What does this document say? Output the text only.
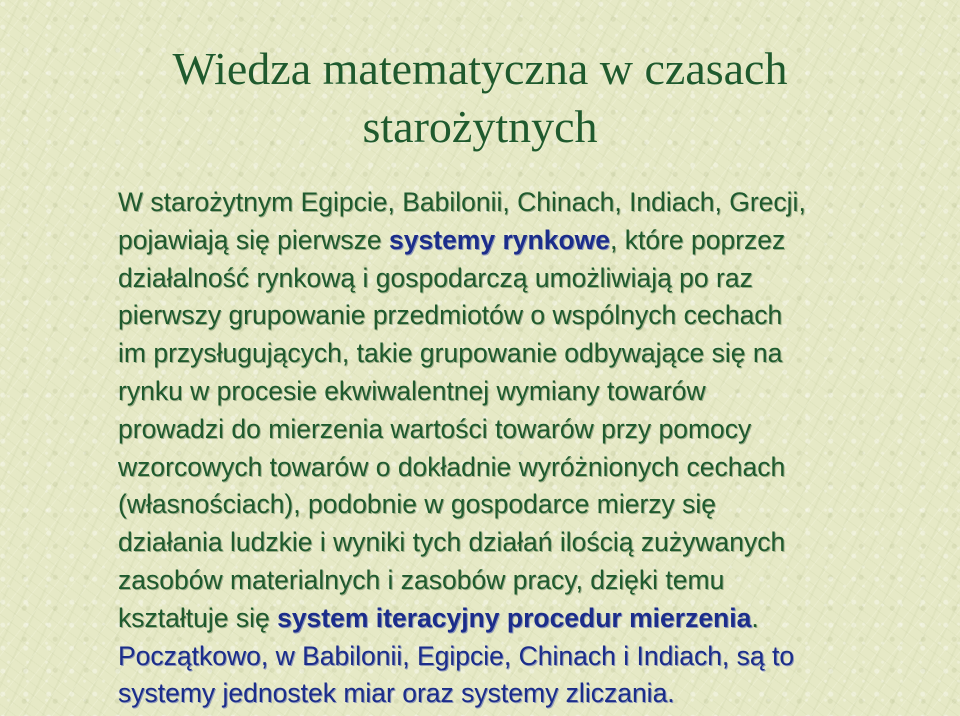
Wiedza matematyczna w czasach
starożytnych
W starożytnym Egipcie, Babilonii, Chinach, Indiach, Grecji,
pojawiają się pierwsze systemy rynkowe, które poprzez
działalność rynkową i gospodarczą umożliwiają po raz
pierwszy grupowanie przedmiotów o wspólnych cechach
im przysługujących, takie grupowanie odbywające się na
rynku w procesie ekwiwalentnej wymiany towarów
prowadzi do mierzenia wartości towarów przy pomocy
wzorcowych towarów o dokładnie wyróżnionych cechach
(własnościach), podobnie w gospodarce mierzy się
działania ludzkie i wyniki tych działań ilością zużywanych
zasobów materialnych i zasobów pracy, dzięki temu
kształtuje się system iteracyjny procedur mierzenia.
Początkowo, w Babilonii, Egipcie, Chinach i Indiach, są to
systemy jednostek miar oraz systemy zliczania.
